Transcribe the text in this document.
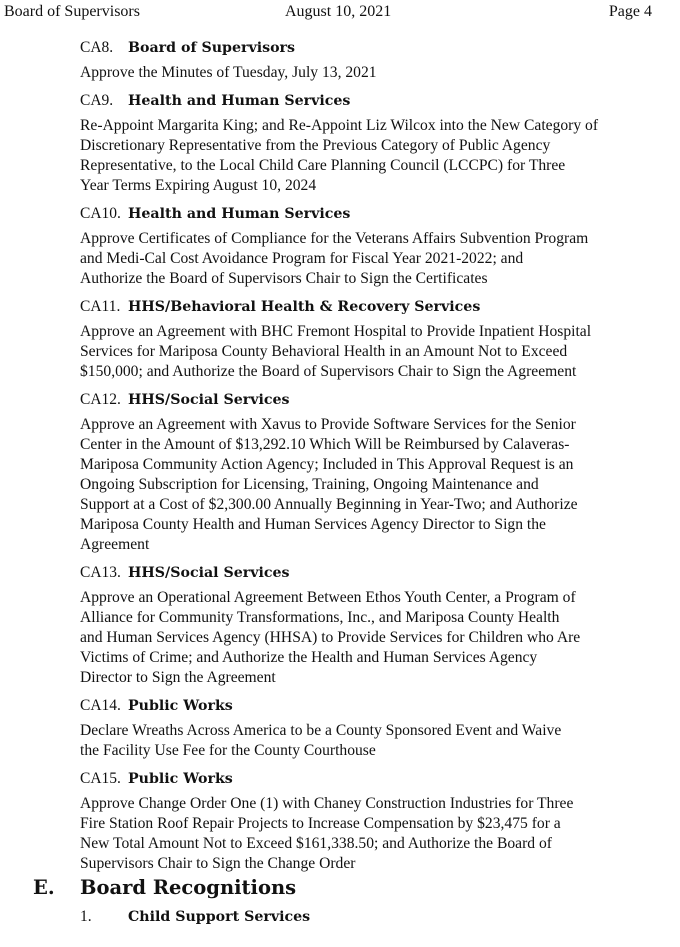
Board of Supervisors	August 10, 2021	Page 4
CA8. Board of Supervisors
Approve the Minutes of Tuesday, July 13, 2021
CA9. Health and Human Services
Re-Appoint Margarita King; and Re-Appoint Liz Wilcox into the New Category of
Discretionary Representative from the Previous Category of Public Agency
Representative, to the Local Child Care Planning Council (LCCPC) for Three
Year Terms Expiring August 10, 2024
CA10. Health and Human Services
Approve Certificates of Compliance for the Veterans Affairs Subvention Program
and Medi-Cal Cost Avoidance Program for Fiscal Year 2021-2022; and
Authorize the Board of Supervisors Chair to Sign the Certificates
CA11. HHS/Behavioral Health & Recovery Services
Approve an Agreement with BHC Fremont Hospital to Provide Inpatient Hospital
Services for Mariposa County Behavioral Health in an Amount Not to Exceed
$150,000; and Authorize the Board of Supervisors Chair to Sign the Agreement
CA12. HHS/Social Services
Approve an Agreement with Xavus to Provide Software Services for the Senior
Center in the Amount of $13,292.10 Which Will be Reimbursed by Calaveras-
Mariposa Community Action Agency; Included in This Approval Request is an
Ongoing Subscription for Licensing, Training, Ongoing Maintenance and
Support at a Cost of $2,300.00 Annually Beginning in Year-Two; and Authorize
Mariposa County Health and Human Services Agency Director to Sign the
Agreement
CA13. HHS/Social Services
Approve an Operational Agreement Between Ethos Youth Center, a Program of
Alliance for Community Transformations, Inc., and Mariposa County Health
and Human Services Agency (HHSA) to Provide Services for Children who Are
Victims of Crime; and Authorize the Health and Human Services Agency
Director to Sign the Agreement
CA14. Public Works
Declare Wreaths Across America to be a County Sponsored Event and Waive
the Facility Use Fee for the County Courthouse
CA15. Public Works
Approve Change Order One (1) with Chaney Construction Industries for Three
Fire Station Roof Repair Projects to Increase Compensation by $23,475 for a
New Total Amount Not to Exceed $161,338.50; and Authorize the Board of
Supervisors Chair to Sign the Change Order
E. Board Recognitions
1.	Child Support Services
